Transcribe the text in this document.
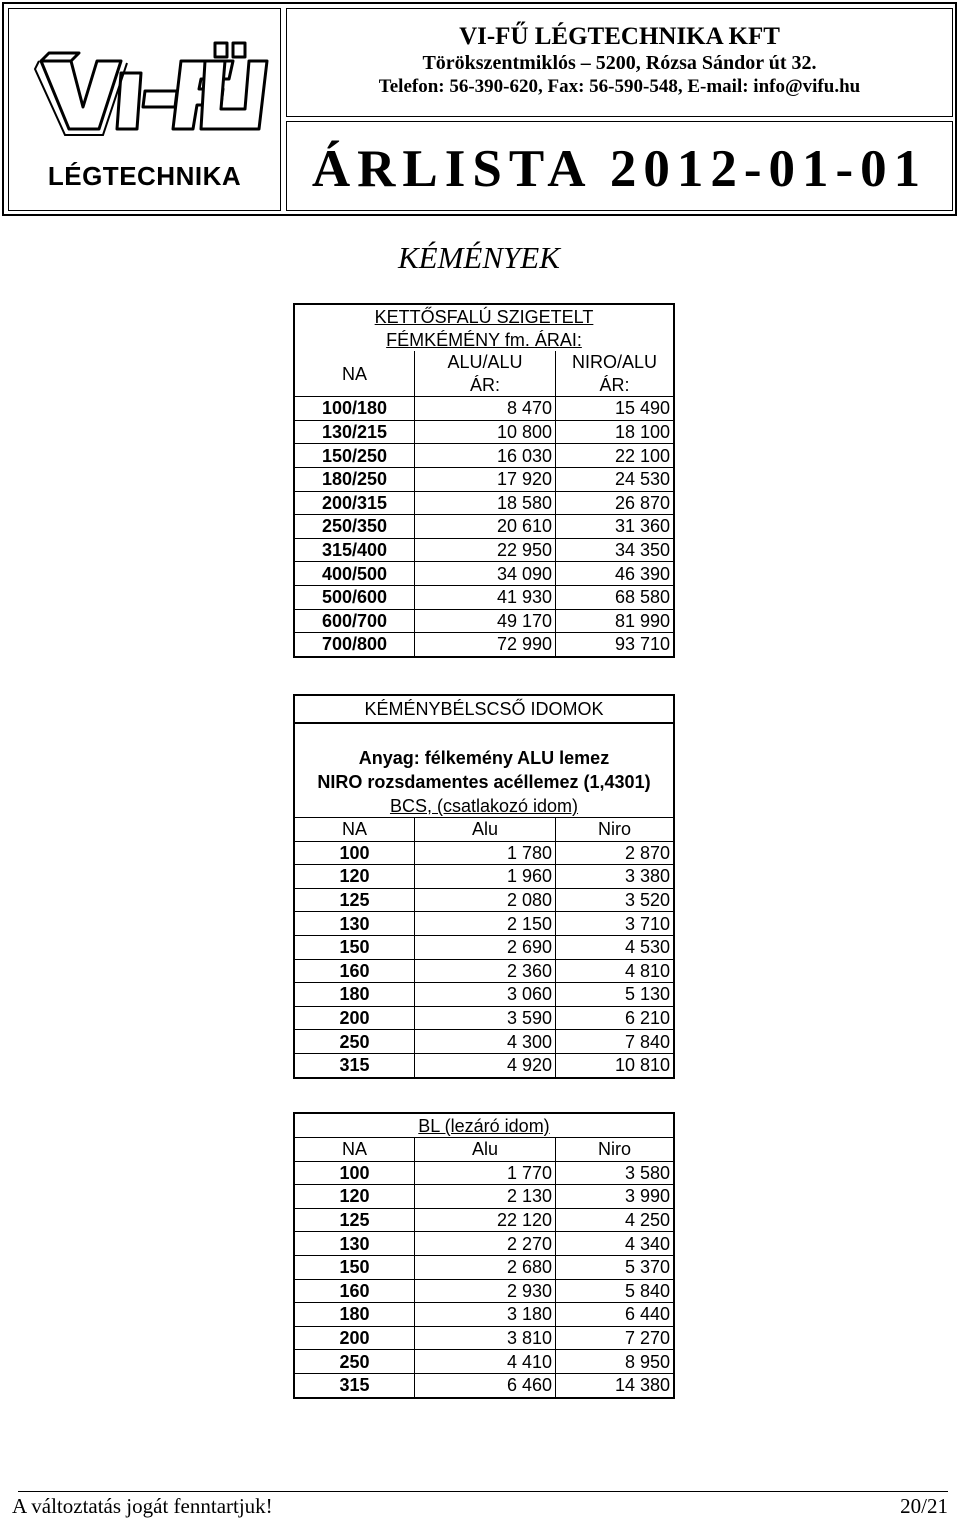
LÉGTECHNIKA
VI-FŰ LÉGTECHNIKA KFT
Törökszentmiklós – 5200, Rózsa Sándor út 32.
Telefon: 56-390-620, Fax: 56-590-548, E-mail: info@vifu.hu
ÁRLISTA 2012-01-01
KÉMÉNYEK
KETTŐSFALÚ SZIGETELT
FÉMKÉMÉNY fm. ÁRAI:
NA	ALU/ALU	NIRO/ALU
	ÁR:	ÁR:
100/180	8 470	15 490
130/215	10 800	18 100
150/250	16 030	22 100
180/250	17 920	24 530
200/315	18 580	26 870
250/350	20 610	31 360
315/400	22 950	34 350
400/500	34 090	46 390
500/600	41 930	68 580
600/700	49 170	81 990
700/800	72 990	93 710
KÉMÉNYBÉLSCSŐ IDOMOK
Anyag: félkemény ALU lemez
NIRO rozsdamentes acéllemez (1,4301)
BCS, (csatlakozó idom)
NA	Alu	Niro
100	1 780	2 870
120	1 960	3 380
125	2 080	3 520
130	2 150	3 710
150	2 690	4 530
160	2 360	4 810
180	3 060	5 130
200	3 590	6 210
250	4 300	7 840
315	4 920	10 810
BL (lezáró idom)
NA	Alu	Niro
100	1 770	3 580
120	2 130	3 990
125	22 120	4 250
130	2 270	4 340
150	2 680	5 370
160	2 930	5 840
180	3 180	6 440
200	3 810	7 270
250	4 410	8 950
315	6 460	14 380
A változtatás jogát fenntartjuk!	20/21
